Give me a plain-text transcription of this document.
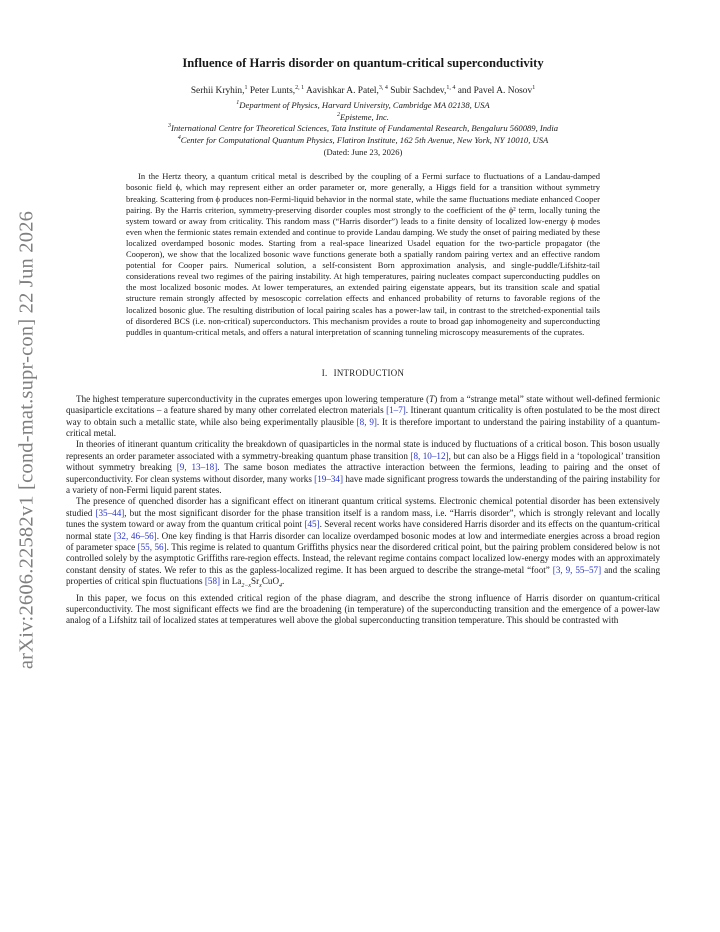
arXiv:2606.22582v1 [cond-mat.supr-con] 22 Jun 2026
Influence of Harris disorder on quantum-critical superconductivity
Serhii Kryhin,$^1$ Peter Lunts,$^{2, 1}$ Aavishkar A. Patel,$^{3, 4}$ Subir Sachdev,$^{1, 4}$ and Pavel A. Nosov$^1$
$^1$Department of Physics, Harvard University, Cambridge MA 02138, USA
$^2$Episteme, Inc.
$^3$International Centre for Theoretical Sciences, Tata Institute of Fundamental Research, Bengaluru 560089, India
$^4$Center for Computational Quantum Physics, Flatiron Institute, 162 5th Avenue, New York, NY 10010, USA
(Dated: June 23, 2026)
In the Hertz theory, a quantum critical metal is described by the coupling of a Fermi surface to fluctuations of a Landau-damped bosonic field ϕ, which may represent either an order parameter or, more generally, a Higgs field for a transition without symmetry breaking. Scattering from ϕ produces non-Fermi-liquid behavior in the normal state, while the same fluctuations mediate enhanced Cooper pairing. By the Harris criterion, symmetry-preserving disorder couples most strongly to the coefficient of the ϕ² term, locally tuning the system toward or away from criticality. This random mass (“Harris disorder”) leads to a finite density of localized low-energy ϕ modes even when the fermionic states remain extended and continue to provide Landau damping. We study the onset of pairing mediated by these localized overdamped bosonic modes. Starting from a real-space linearized Usadel equation for the two-particle propagator (the Cooperon), we show that the localized bosonic wave functions generate both a spatially random pairing vertex and an effective random potential for Cooper pairs. Numerical solution, a self-consistent Born approximation analysis, and single-puddle/Lifshitz-tail considerations reveal two regimes of the pairing instability. At high temperatures, pairing nucleates compact superconducting puddles on the most localized bosonic modes. At lower temperatures, an extended pairing eigenstate appears, but its transition scale and spatial structure remain strongly affected by mesoscopic correlation effects and enhanced probability of returns to favorable regions of the localized bosonic glue. The resulting distribution of local pairing scales has a power-law tail, in contrast to the stretched-exponential tails of disordered BCS (i.e. non-critical) superconductors. This mechanism provides a route to broad gap inhomogeneity and superconducting puddles in quantum-critical metals, and offers a natural interpretation of scanning tunneling microscopy measurements of the cuprates.
I. INTRODUCTION

The highest temperature superconductivity in the cuprates emerges upon lowering temperature (T) from a “strange metal” state without well-defined fermionic quasiparticle excitations – a feature shared by many other correlated electron materials [1–7]. Itinerant quantum criticality is often postulated to be the most direct way to obtain such a metallic state, while also being experimentally plausible [8, 9]. It is therefore important to understand the pairing instability of a quantum-critical metal.

In theories of itinerant quantum criticality the breakdown of quasiparticles in the normal state is induced by fluctuations of a critical boson. This boson usually represents an order parameter associated with a symmetry-breaking quantum phase transition [8, 10–12], but can also be a Higgs field in a ‘topological’ transition without symmetry breaking [9, 13–18]. The same boson mediates the attractive interaction between the fermions, leading to pairing and the onset of superconductivity. For clean systems without disorder, many works [19–34] have made significant progress towards the understanding of the pairing instability for a variety of non-Fermi liquid parent states.

The presence of quenched disorder has a significant effect on itinerant quantum critical systems. Electronic chemical potential disorder has been extensively studied [35–44], but the most significant disorder for the phase transition itself is a random mass, i.e. “Harris disorder”, which is strongly relevant and locally tunes the system toward or away from the quantum critical point [45]. Several recent works have considered Harris disorder and its effects on the quantum-critical normal state [32, 46–56]. One key finding is that Harris disorder can localize overdamped bosonic modes at low and intermediate energies across a broad region of parameter space [55, 56]. This regime is related to quantum Griffiths physics near the disordered critical point, but the pairing problem considered below is not controlled solely by the asymptotic Griffiths rare-region effects. Instead, the relevant regime contains compact localized low-energy modes with an approximately constant density of states. We refer to this as the gapless-localized regime. It has been argued to describe the strange-metal “foot” [3, 9, 55–57] and the scaling properties of critical spin fluctuations [58] in $La_{2-x}Sr_xCuO_4$.

In this paper, we focus on this extended critical region of the phase diagram, and describe the strong influence of Harris disorder on quantum-critical superconductivity. The most significant effects we find are the broadening (in temperature) of the superconducting transition and the emergence of a power-law analog of a Lifshitz tail of localized states at temperatures well above the global superconducting transition temperature. This should be contrasted with
